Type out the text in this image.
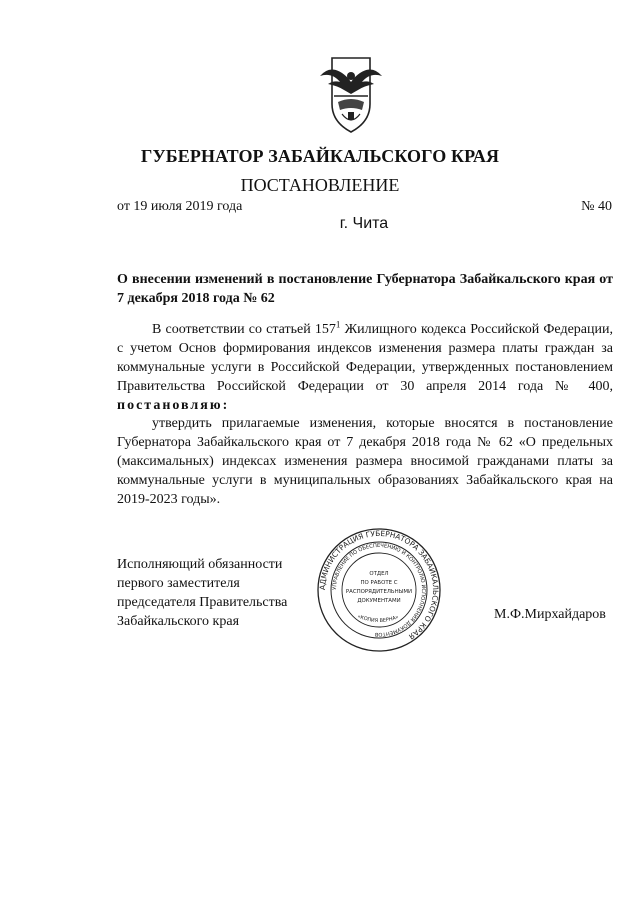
ГУБЕРНАТОР ЗАБАЙКАЛЬСКОГО КРАЯ
ПОСТАНОВЛЕНИЕ
от 19 июля 2019 года	№ 40
г. Чита
О внесении изменений в постановление Губернатора Забайкальского края от 7 декабря 2018 года № 62
В соответствии со статьей $157^1$ Жилищного кодекса Российской Федерации, с учетом Основ формирования индексов изменения размера платы граждан за коммунальные услуги в Российской Федерации, утвержденных постановлением Правительства Российской Федерации от 30 апреля 2014 года № 400, постановляю:
утвердить прилагаемые изменения, которые вносятся в постановление Губернатора Забайкальского края от 7 декабря 2018 года № 62 «О предельных (максимальных) индексах изменения размера вносимой гражданами платы за коммунальные услуги в муниципальных образованиях Забайкальского края на 2019-2023 годы».
Исполняющий обязанности
первого заместителя
председателя Правительства
Забайкальского края
АДМИНИСТРАЦИЯ ГУБЕРНАТОРА ЗАБАЙКАЛЬСКОГО КРАЯ
УПРАВЛЕНИЕ ПО ОБЕСПЕЧЕНИЮ И КОНТРОЛЮ ИСПОЛНЕНИЯ ДОКУМЕНТОВ
«КОПИЯ ВЕРНА»
ОТДЕЛ
ПО РАБОТЕ С
РАСПОРЯДИТЕЛЬНЫМИ
ДОКУМЕНТАМИ
М.Ф.Мирхайдаров
